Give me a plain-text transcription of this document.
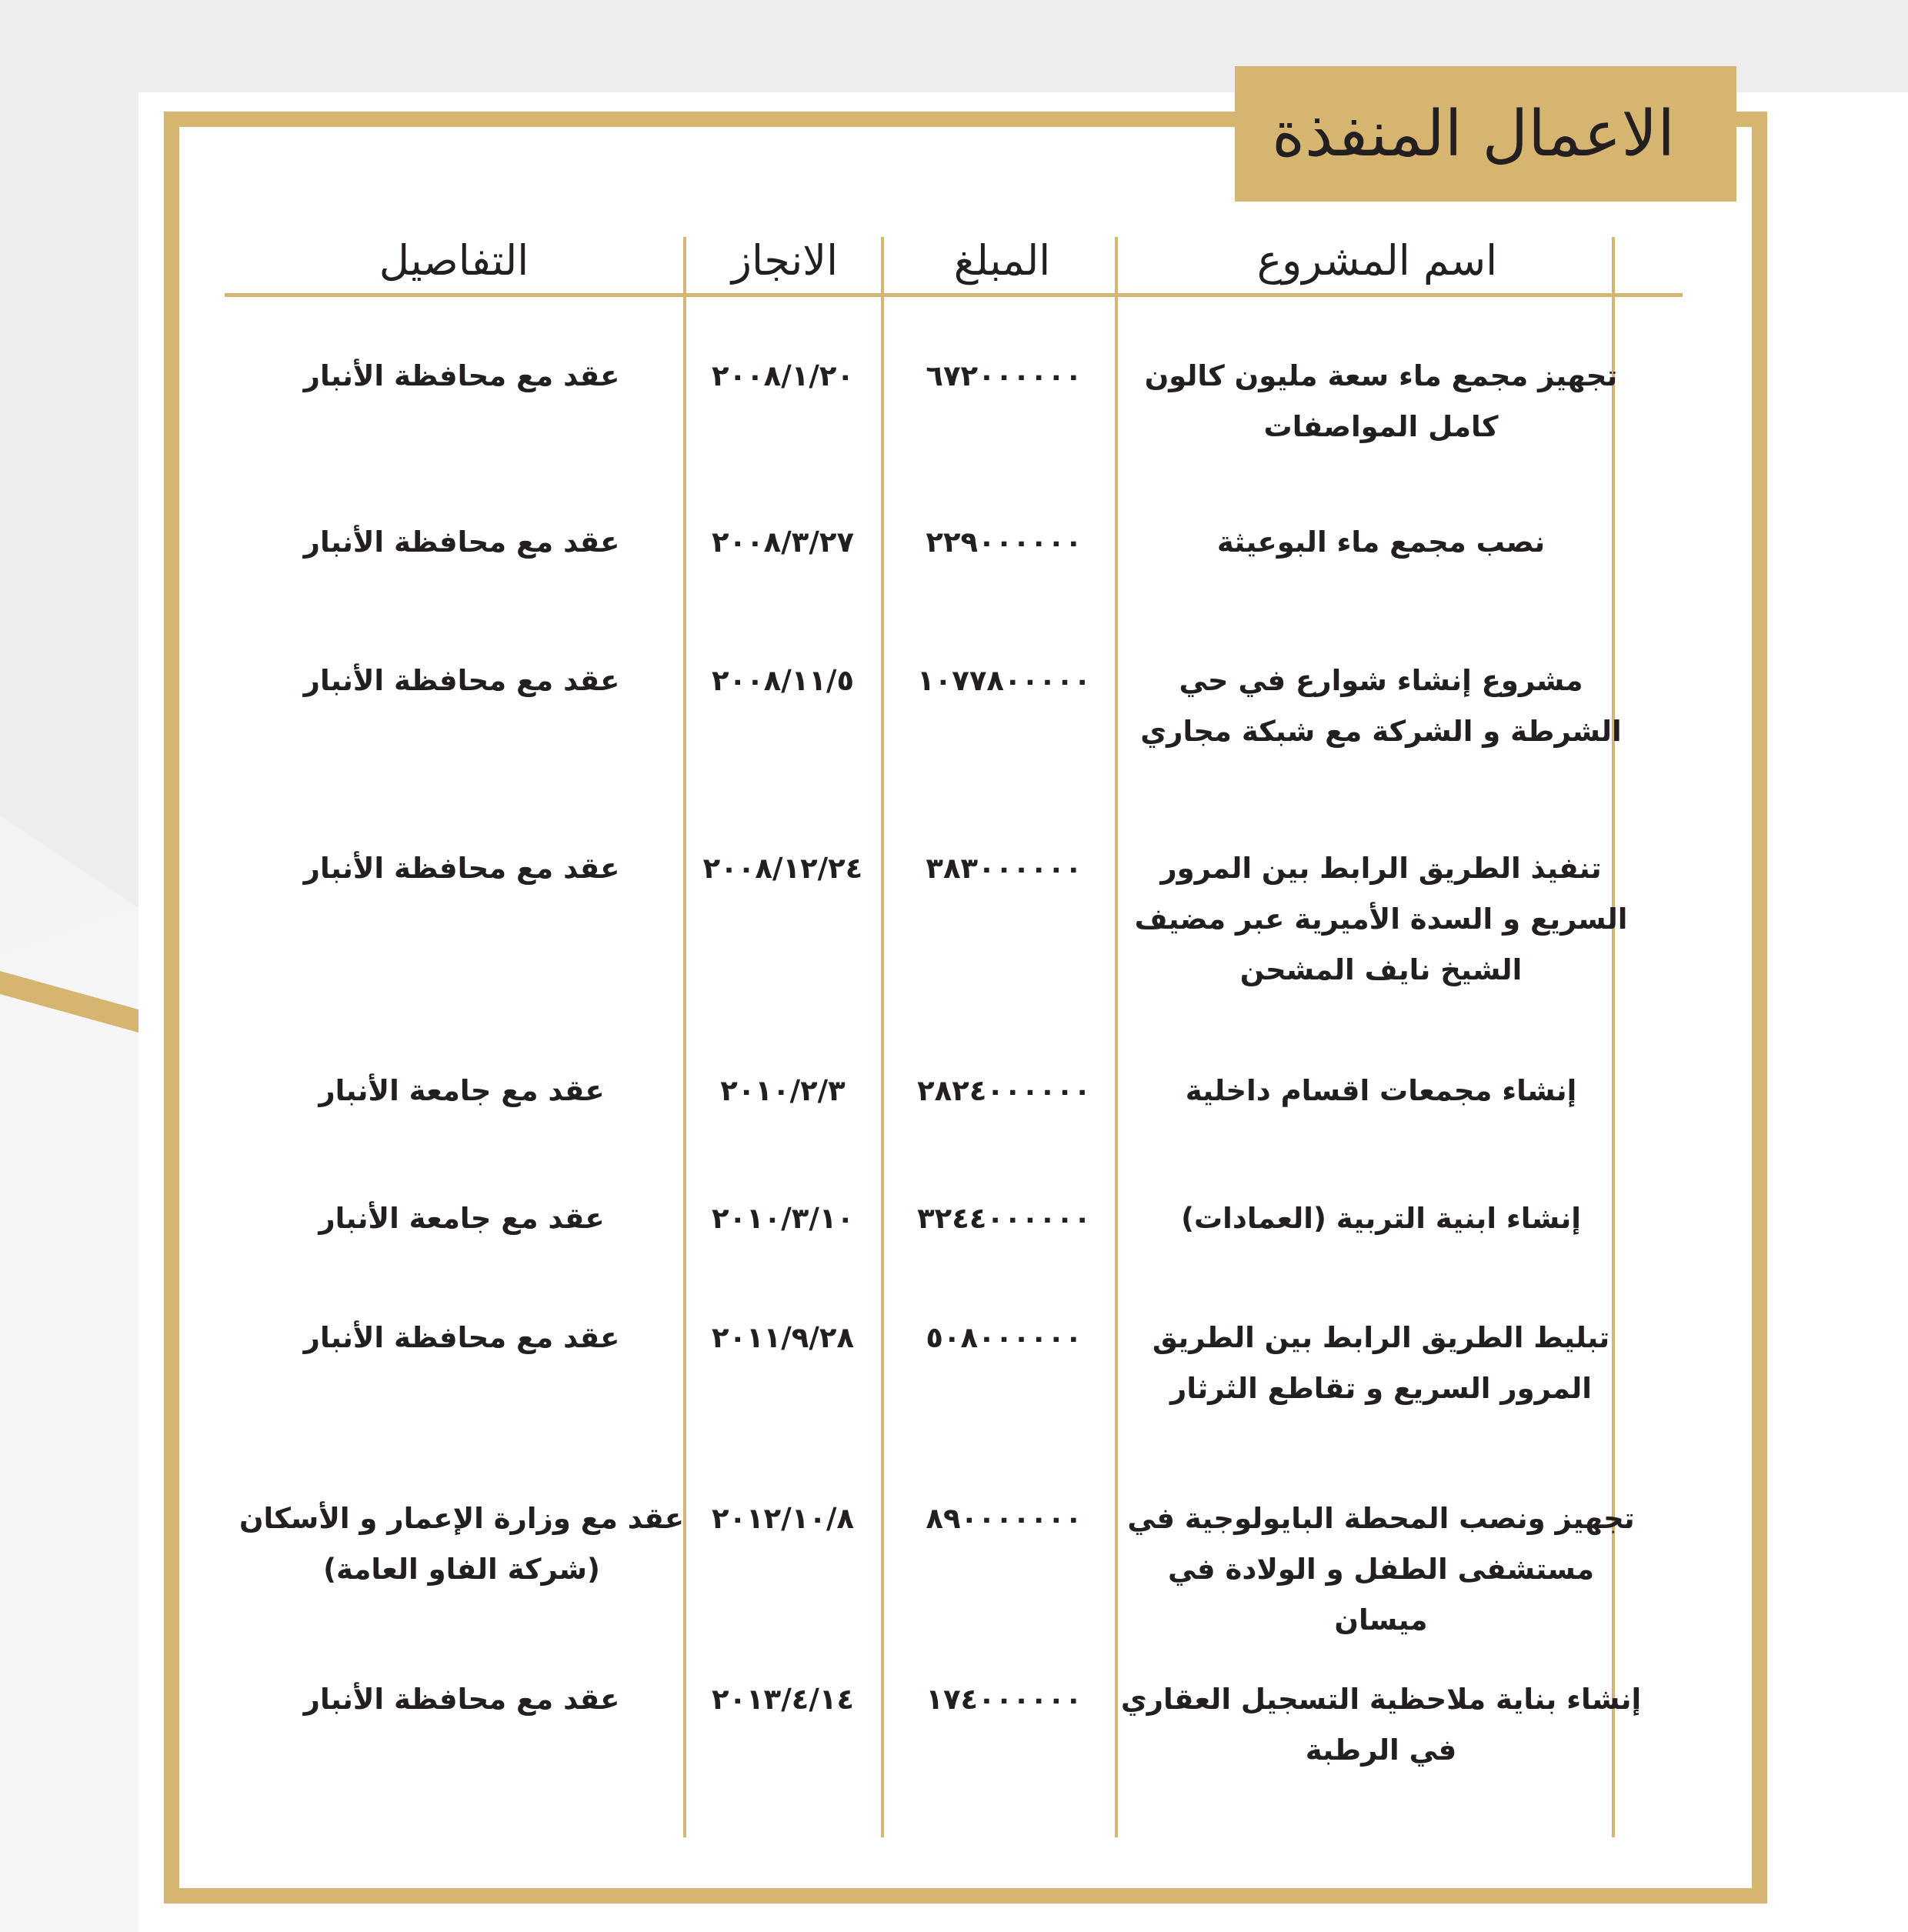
الاعمال المنفذة
اسم المشروع
المبلغ
الانجاز
التفاصيل
تجهيز مجمع ماء سعة مليون كالون كامل المواصفات
٦٧٢٠٠٠٠٠٠
٢٠٠٨/١/٢٠
عقد مع محافظة الأنبار
نصب مجمع ماء البوعيثة
٢٢٩٠٠٠٠٠٠
٢٠٠٨/٣/٢٧
عقد مع محافظة الأنبار
مشروع إنشاء شوارع في حي الشرطة و الشركة مع شبكة مجاري
١٠٧٧٨٠٠٠٠٠
٢٠٠٨/١١/٥
عقد مع محافظة الأنبار
تنفيذ الطريق الرابط بين المرور السريع و السدة الأميرية عبر مضيف الشيخ نايف المشحن
٣٨٣٠٠٠٠٠٠
٢٠٠٨/١٢/٢٤
عقد مع محافظة الأنبار
إنشاء مجمعات اقسام داخلية
٢٨٢٤٠٠٠٠٠٠
٢٠١٠/٢/٣
عقد مع جامعة الأنبار
إنشاء ابنية التربية (العمادات)
٣٢٤٤٠٠٠٠٠٠
٢٠١٠/٣/١٠
عقد مع جامعة الأنبار
تبليط الطريق الرابط بين الطريق المرور السريع و تقاطع الثرثار
٥٠٨٠٠٠٠٠٠
٢٠١١/٩/٢٨
عقد مع محافظة الأنبار
تجهيز ونصب المحطة البايولوجية في مستشفى الطفل و الولادة في ميسان
٨٩٠٠٠٠٠٠٠
٢٠١٢/١٠/٨
عقد مع وزارة الإعمار و الأسكان (شركة الفاو العامة)
إنشاء بناية ملاحظية التسجيل العقاري في الرطبة
١٧٤٠٠٠٠٠٠
٢٠١٣/٤/١٤
عقد مع محافظة الأنبار
